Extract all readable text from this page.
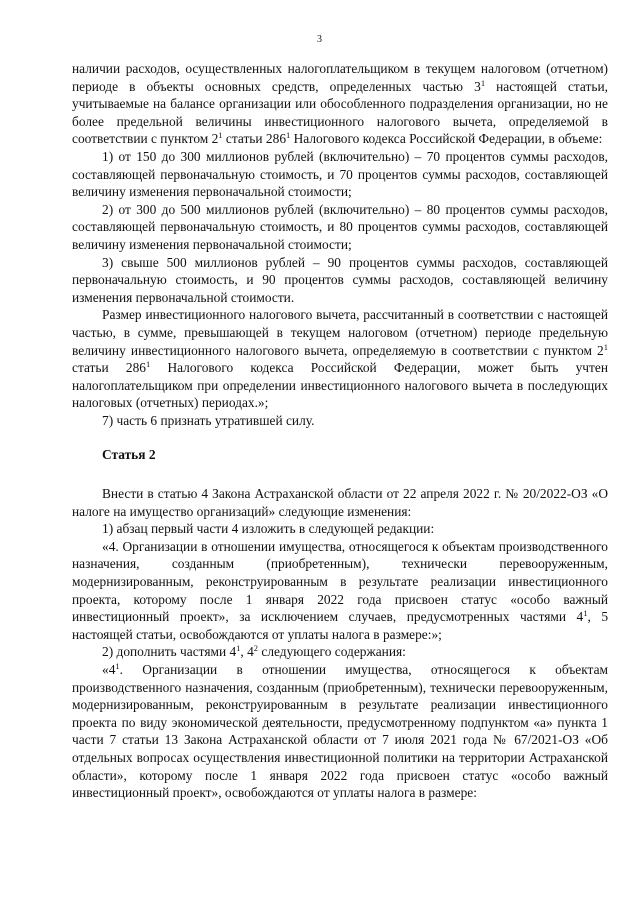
3

наличии расходов, осуществленных налогоплательщиком в текущем налоговом (отчетном) периоде в объекты основных средств, определенных частью $3^1$ настоящей статьи, учитываемые на балансе организации или обособленного подразделения организации, но не более предельной величины инвестиционного налогового вычета, определяемой в соответствии с пунктом $2^1$ статьи $286^1$ Налогового кодекса Российской Федерации, в объеме:

1) от 150 до 300 миллионов рублей (включительно) – 70 процентов суммы расходов, составляющей первоначальную стоимость, и 70 процентов суммы расходов, составляющей величину изменения первоначальной стоимости;

2) от 300 до 500 миллионов рублей (включительно) – 80 процентов суммы расходов, составляющей первоначальную стоимость, и 80 процентов суммы расходов, составляющей величину изменения первоначальной стоимости;

3) свыше 500 миллионов рублей – 90 процентов суммы расходов, составляющей первоначальную стоимость, и 90 процентов суммы расходов, составляющей величину изменения первоначальной стоимости.

Размер инвестиционного налогового вычета, рассчитанный в соответствии с настоящей частью, в сумме, превышающей в текущем налоговом (отчетном) периоде предельную величину инвестиционного налогового вычета, определяемую в соответствии с пунктом $2^1$ статьи $286^1$ Налогового кодекса Российской Федерации, может быть учтен налогоплательщиком при определении инвестиционного налогового вычета в последующих налоговых (отчетных) периодах.»;

7) часть 6 признать утратившей силу.

Статья 2

Внести в статью 4 Закона Астраханской области от 22 апреля 2022 г. № 20/2022-ОЗ «О налоге на имущество организаций» следующие изменения:

1) абзац первый части 4 изложить в следующей редакции:

«4. Организации в отношении имущества, относящегося к объектам производственного назначения, созданным (приобретенным), технически перевооруженным, модернизированным, реконструированным в результате реализации инвестиционного проекта, которому после 1 января 2022 года присвоен статус «особо важный инвестиционный проект», за исключением случаев, предусмотренных частями $4^1$, 5 настоящей статьи, освобождаются от уплаты налога в размере:»;

2) дополнить частями $4^1$, $4^2$ следующего содержания:

«$4^1$. Организации в отношении имущества, относящегося к объектам производственного назначения, созданным (приобретенным), технически перевооруженным, модернизированным, реконструированным в результате реализации инвестиционного проекта по виду экономической деятельности, предусмотренному подпунктом «а» пункта 1 части 7 статьи 13 Закона Астраханской области от 7 июля 2021 года № 67/2021-ОЗ «Об отдельных вопросах осуществления инвестиционной политики на территории Астраханской области», которому после 1 января 2022 года присвоен статус «особо важный инвестиционный проект», освобождаются от уплаты налога в размере:
